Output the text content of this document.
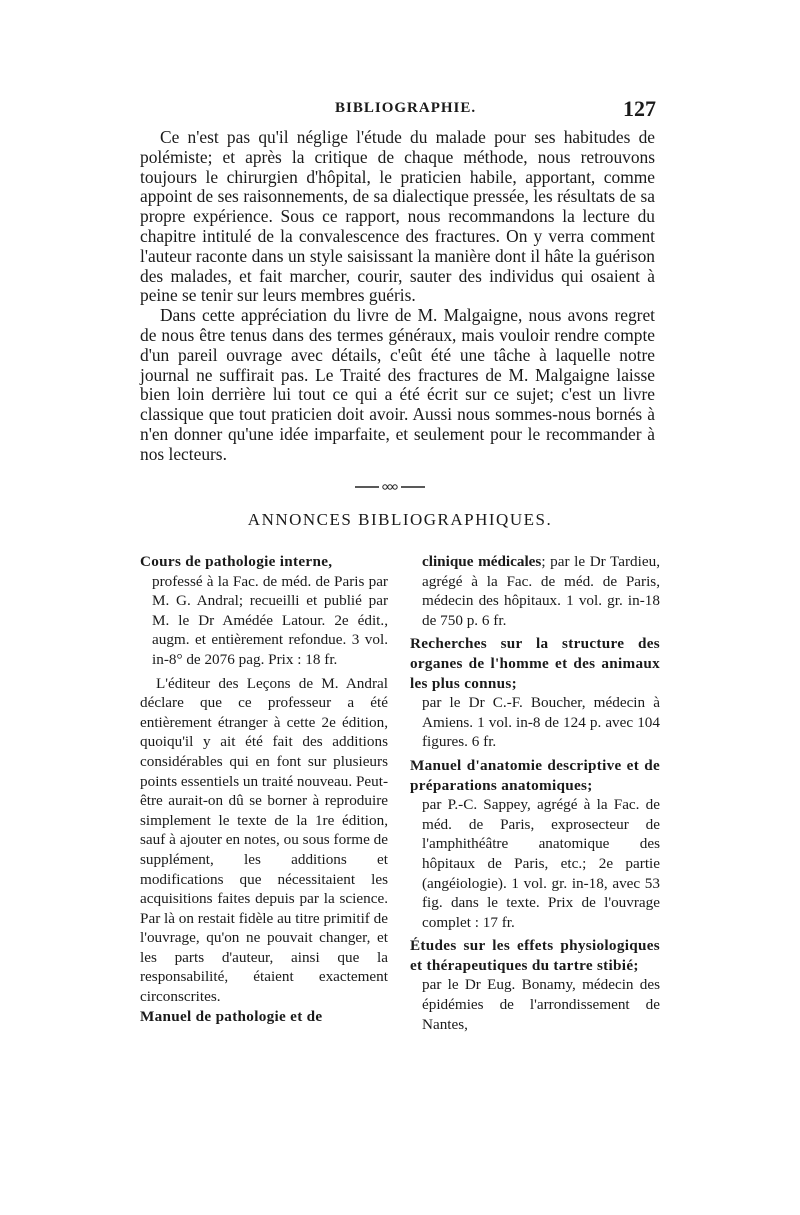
BIBLIOGRAPHIE.	127

Ce n'est pas qu'il néglige l'étude du malade pour ses habitudes de polémiste; et après la critique de chaque méthode, nous retrouvons toujours le chirurgien d'hôpital, le praticien habile, apportant, comme appoint de ses raisonnements, de sa dialectique pressée, les résultats de sa propre expérience. Sous ce rapport, nous recommandons la lecture du chapitre intitulé de la convalescence des fractures. On y verra comment l'auteur raconte dans un style saisissant la manière dont il hâte la guérison des malades, et fait marcher, courir, sauter des individus qui osaient à peine se tenir sur leurs membres guéris.

Dans cette appréciation du livre de M. Malgaigne, nous avons regret de nous être tenus dans des termes généraux, mais vouloir rendre compte d'un pareil ouvrage avec détails, c'eût été une tâche à laquelle notre journal ne suffirait pas. Le Traité des fractures de M. Malgaigne laisse bien loin derrière lui tout ce qui a été écrit sur ce sujet; c'est un livre classique que tout praticien doit avoir. Aussi nous sommes-nous bornés à n'en donner qu'une idée imparfaite, et seulement pour le recommander à nos lecteurs.

ANNONCES BIBLIOGRAPHIQUES.
Cours de pathologie interne,
professé à la Fac. de méd. de Paris par M. G. Andral; recueilli et publié par M. le Dr Amédée Latour. 2e édit., augm. et entièrement refondue. 3 vol. in-8° de 2076 pag. Prix : 18 fr.

L'éditeur des Leçons de M. Andral déclare que ce professeur a été entièrement étranger à cette 2e édition, quoiqu'il y ait été fait des additions considérables qui en font sur plusieurs points essentiels un traité nouveau. Peut-être aurait-on dû se borner à reproduire simplement le texte de la 1re édition, sauf à ajouter en notes, ou sous forme de supplément, les additions et modifications que nécessitaient les acquisitions faites depuis par la science. Par là on restait fidèle au titre primitif de l'ouvrage, qu'on ne pouvait changer, et les parts d'auteur, ainsi que la responsabilité, étaient exactement circonscrites.

Manuel de pathologie et de
clinique médicales; par le Dr Tardieu, agrégé à la Fac. de méd. de Paris, médecin des hôpitaux. 1 vol. gr. in-18 de 750 p. 6 fr.
Recherches sur la structure des organes de l'homme et des animaux les plus connus;
par le Dr C.-F. Boucher, médecin à Amiens. 1 vol. in-8 de 124 p. avec 104 figures. 6 fr.
Manuel d'anatomie descriptive et de préparations anatomiques;
par P.-C. Sappey, agrégé à la Fac. de méd. de Paris, exprosecteur de l'amphithéâtre anatomique des hôpitaux de Paris, etc.; 2e partie (angéiologie). 1 vol. gr. in-18, avec 53 fig. dans le texte. Prix de l'ouvrage complet : 17 fr.
Études sur les effets physiologiques et thérapeutiques du tartre stibié;
par le Dr Eug. Bonamy, médecin des épidémies de l'arrondissement de Nantes,
